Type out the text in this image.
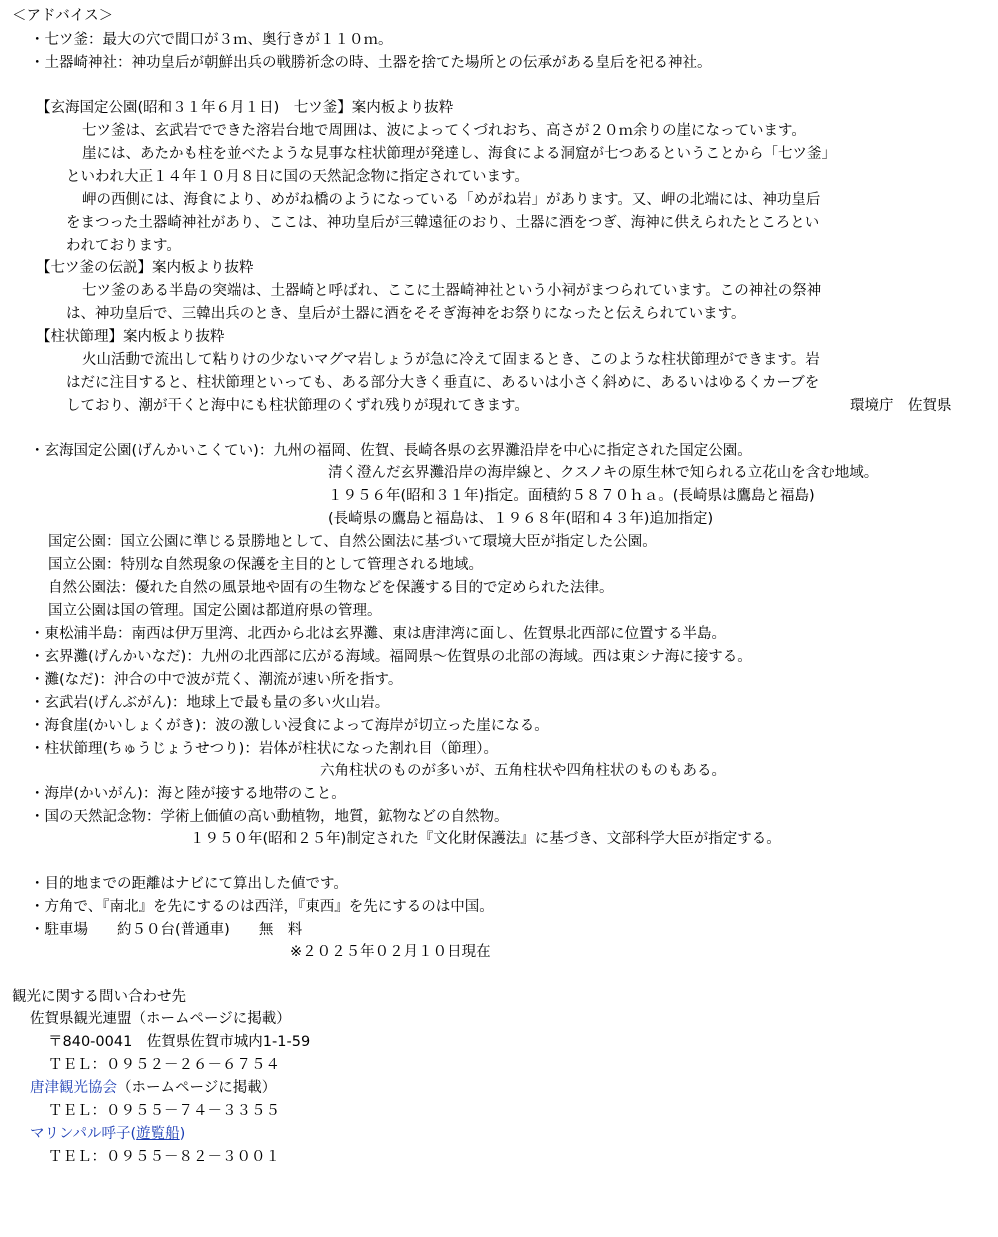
＜アドバイス＞
・七ツ釜：最大の穴で間口が３ｍ、奥行きが１１０ｍ。
・土器崎神社：神功皇后が朝鮮出兵の戦勝祈念の時、土器を捨てた場所との伝承がある皇后を祀る神社。
【玄海国定公園(昭和３１年６月１日)　七ツ釜】案内板より抜粋
七ツ釜は、玄武岩でできた溶岩台地で周囲は、波によってくづれおち、高さが２０ｍ余りの崖になっています。
崖には、あたかも柱を並べたような見事な柱状節理が発達し、海食による洞窟が七つあるということから「七ツ釜」
といわれ大正１４年１０月８日に国の天然記念物に指定されています。
岬の西側には、海食により、めがね橋のようになっている「めがね岩」があります。又、岬の北端には、神功皇后
をまつった土器崎神社があり、ここは、神功皇后が三韓遠征のおり、土器に酒をつぎ、海神に供えられたところとい
われております。
【七ツ釜の伝説】案内板より抜粋
七ツ釜のある半島の突端は、土器崎と呼ばれ、ここに土器崎神社という小祠がまつられています。この神社の祭神
は、神功皇后で、三韓出兵のとき、皇后が土器に酒をそそぎ海神をお祭りになったと伝えられています。
【柱状節理】案内板より抜粋
火山活動で流出して粘りけの少ないマグマ岩しょうが急に冷えて固まるとき、このような柱状節理ができます。岩
はだに注目すると、柱状節理といっても、ある部分大きく垂直に、あるいは小さく斜めに、あるいはゆるくカーブを
しており、潮が干くと海中にも柱状節理のくずれ残りが現れてきます。	環境庁　佐賀県
・玄海国定公園(げんかいこくてい)：九州の福岡、佐賀、長崎各県の玄界灘沿岸を中心に指定された国定公園。
清く澄んだ玄界灘沿岸の海岸線と、クスノキの原生林で知られる立花山を含む地域。
１９５６年(昭和３１年)指定。面積約５８７０ｈａ。(長崎県は鷹島と福島)
(長崎県の鷹島と福島は、１９６８年(昭和４３年)追加指定)
国定公園：国立公園に準じる景勝地として、自然公園法に基づいて環境大臣が指定した公園。
国立公園：特別な自然現象の保護を主目的として管理される地域。
自然公園法：優れた自然の風景地や固有の生物などを保護する目的で定められた法律。
国立公園は国の管理。国定公園は都道府県の管理。
・東松浦半島：南西は伊万里湾、北西から北は玄界灘、東は唐津湾に面し、佐賀県北西部に位置する半島。
・玄界灘(げんかいなだ)：九州の北西部に広がる海域。福岡県～佐賀県の北部の海域。西は東シナ海に接する。
・灘(なだ)：沖合の中で波が荒く、潮流が速い所を指す。
・玄武岩(げんぶがん)：地球上で最も量の多い火山岩。
・海食崖(かいしょくがき)：波の激しい浸食によって海岸が切立った崖になる。
・柱状節理(ちゅうじょうせつり)：岩体が柱状になった割れ目（節理）。
六角柱状のものが多いが、五角柱状や四角柱状のものもある。
・海岸(かいがん)：海と陸が接する地帯のこと。
・国の天然記念物：学術上価値の高い動植物，地質，鉱物などの自然物。
１９５０年(昭和２５年)制定された『文化財保護法』に基づき、文部科学大臣が指定する。
・目的地までの距離はナビにて算出した値です。
・方角で、『南北』を先にするのは西洋，『東西』を先にするのは中国。
・駐車場　　約５０台(普通車)　　無　料
※２０２５年０２月１０日現在
観光に関する問い合わせ先
佐賀県観光連盟（ホームページに掲載）
〒840-0041　佐賀県佐賀市城内1-1-59
ＴＥＬ：０９５２－２６－６７５４
唐津観光協会（ホームページに掲載）
ＴＥＬ：０９５５－７４－３３５５
マリンパル呼子(遊覧船)
ＴＥＬ：０９５５－８２－３００１
